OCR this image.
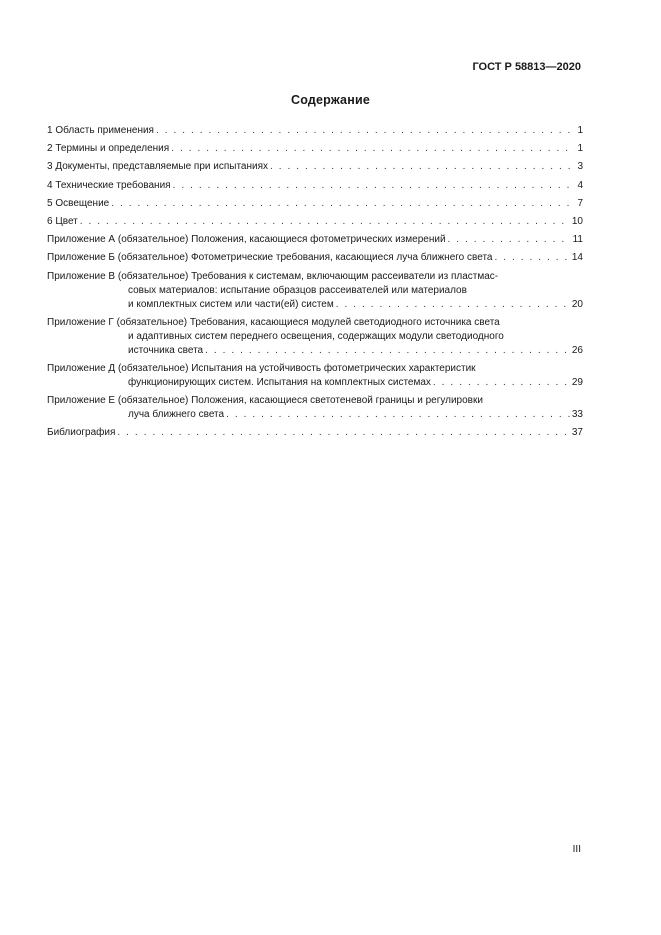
ГОСТ Р 58813—2020
Содержание
1 Область применения . . .	1
2 Термины и определения . . .	1
3 Документы, представляемые при испытаниях . . .	3
4 Технические требования . . .	4
5 Освещение . . .	7
6 Цвет . . .	10
Приложение А (обязательное) Положения, касающиеся фотометрических измерений . . .	11
Приложение Б (обязательное) Фотометрические требования, касающиеся луча ближнего света . . .	14
Приложение В (обязательное) Требования к системам, включающим рассеиватели из пластмас-
совых материалов: испытание образцов рассеивателей или материалов
и комплектных систем или части(ей) систем . . .	20
Приложение Г (обязательное) Требования, касающиеся модулей светодиодного источника света
и адаптивных систем переднего освещения, содержащих модули светодиодного
источника света . . .	26
Приложение Д (обязательное) Испытания на устойчивость фотометрических характеристик
функционирующих систем. Испытания на комплектных системах . . .	29
Приложение Е (обязательное) Положения, касающиеся светотеневой границы и регулировки
луча ближнего света . . .	33
Библиография . . .	37
III
